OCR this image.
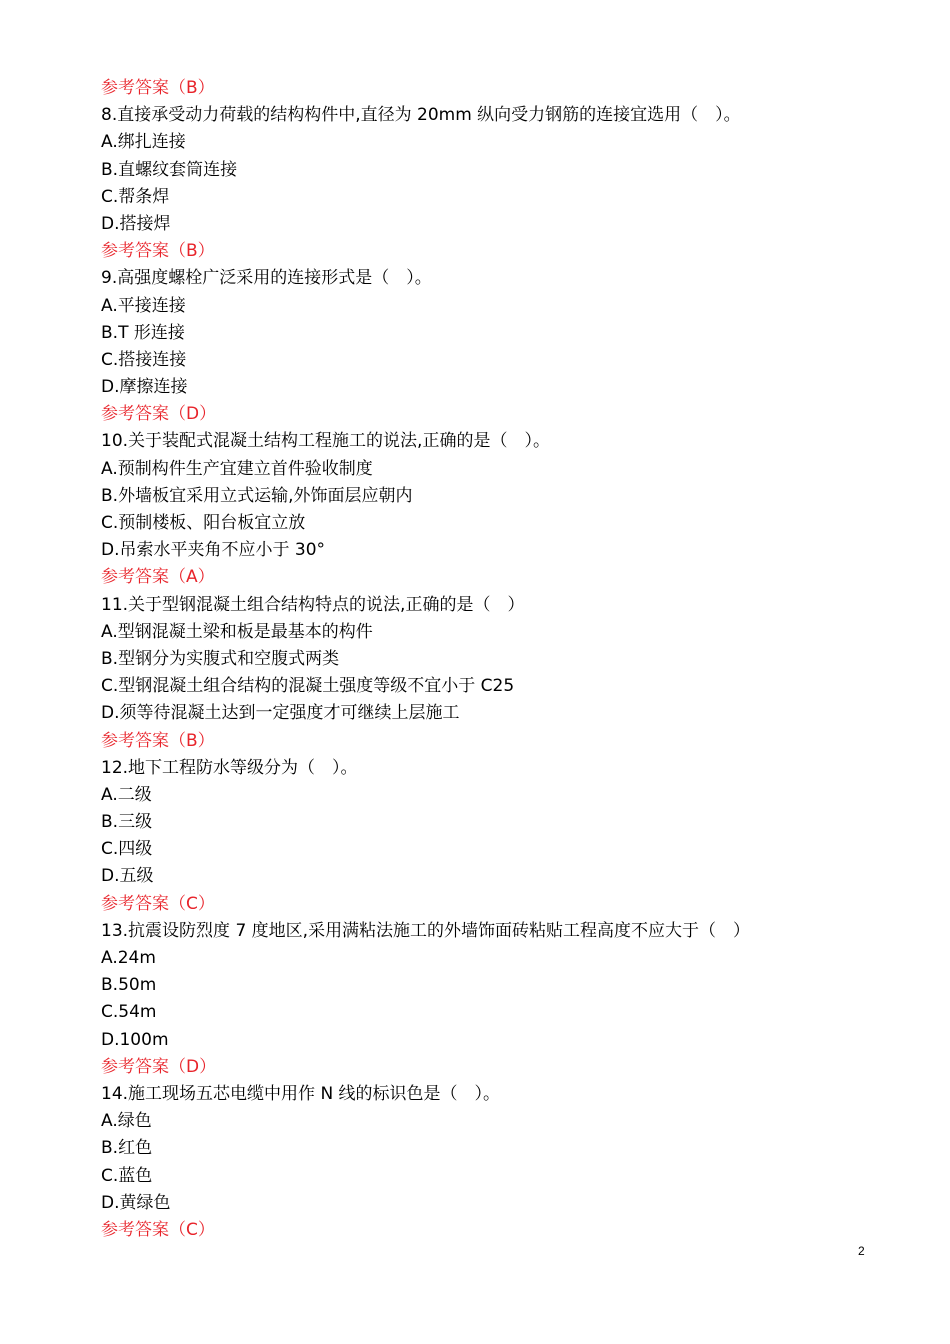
参考答案（B）
8.直接承受动力荷载的结构构件中,直径为 20mm 纵向受力钢筋的连接宜选用（　）。
A.绑扎连接
B.直螺纹套筒连接
C.帮条焊
D.搭接焊
参考答案（B）
9.高强度螺栓广泛采用的连接形式是（　）。
A.平接连接
B.T 形连接
C.搭接连接
D.摩擦连接
参考答案（D）
10.关于装配式混凝土结构工程施工的说法,正确的是（　）。
A.预制构件生产宜建立首件验收制度
B.外墙板宜采用立式运输,外饰面层应朝内
C.预制楼板、阳台板宜立放
D.吊索水平夹角不应小于 30°
参考答案（A）
11.关于型钢混凝土组合结构特点的说法,正确的是（　）
A.型钢混凝土梁和板是最基本的构件
B.型钢分为实腹式和空腹式两类
C.型钢混凝土组合结构的混凝土强度等级不宜小于 C25
D.须等待混凝土达到一定强度才可继续上层施工
参考答案（B）
12.地下工程防水等级分为（　）。
A.二级
B.三级
C.四级
D.五级
参考答案（C）
13.抗震设防烈度 7 度地区,采用满粘法施工的外墙饰面砖粘贴工程高度不应大于（　）
A.24m
B.50m
C.54m
D.100m
参考答案（D）
14.施工现场五芯电缆中用作 N 线的标识色是（　）。
A.绿色
B.红色
C.蓝色
D.黄绿色
参考答案（C）
2
